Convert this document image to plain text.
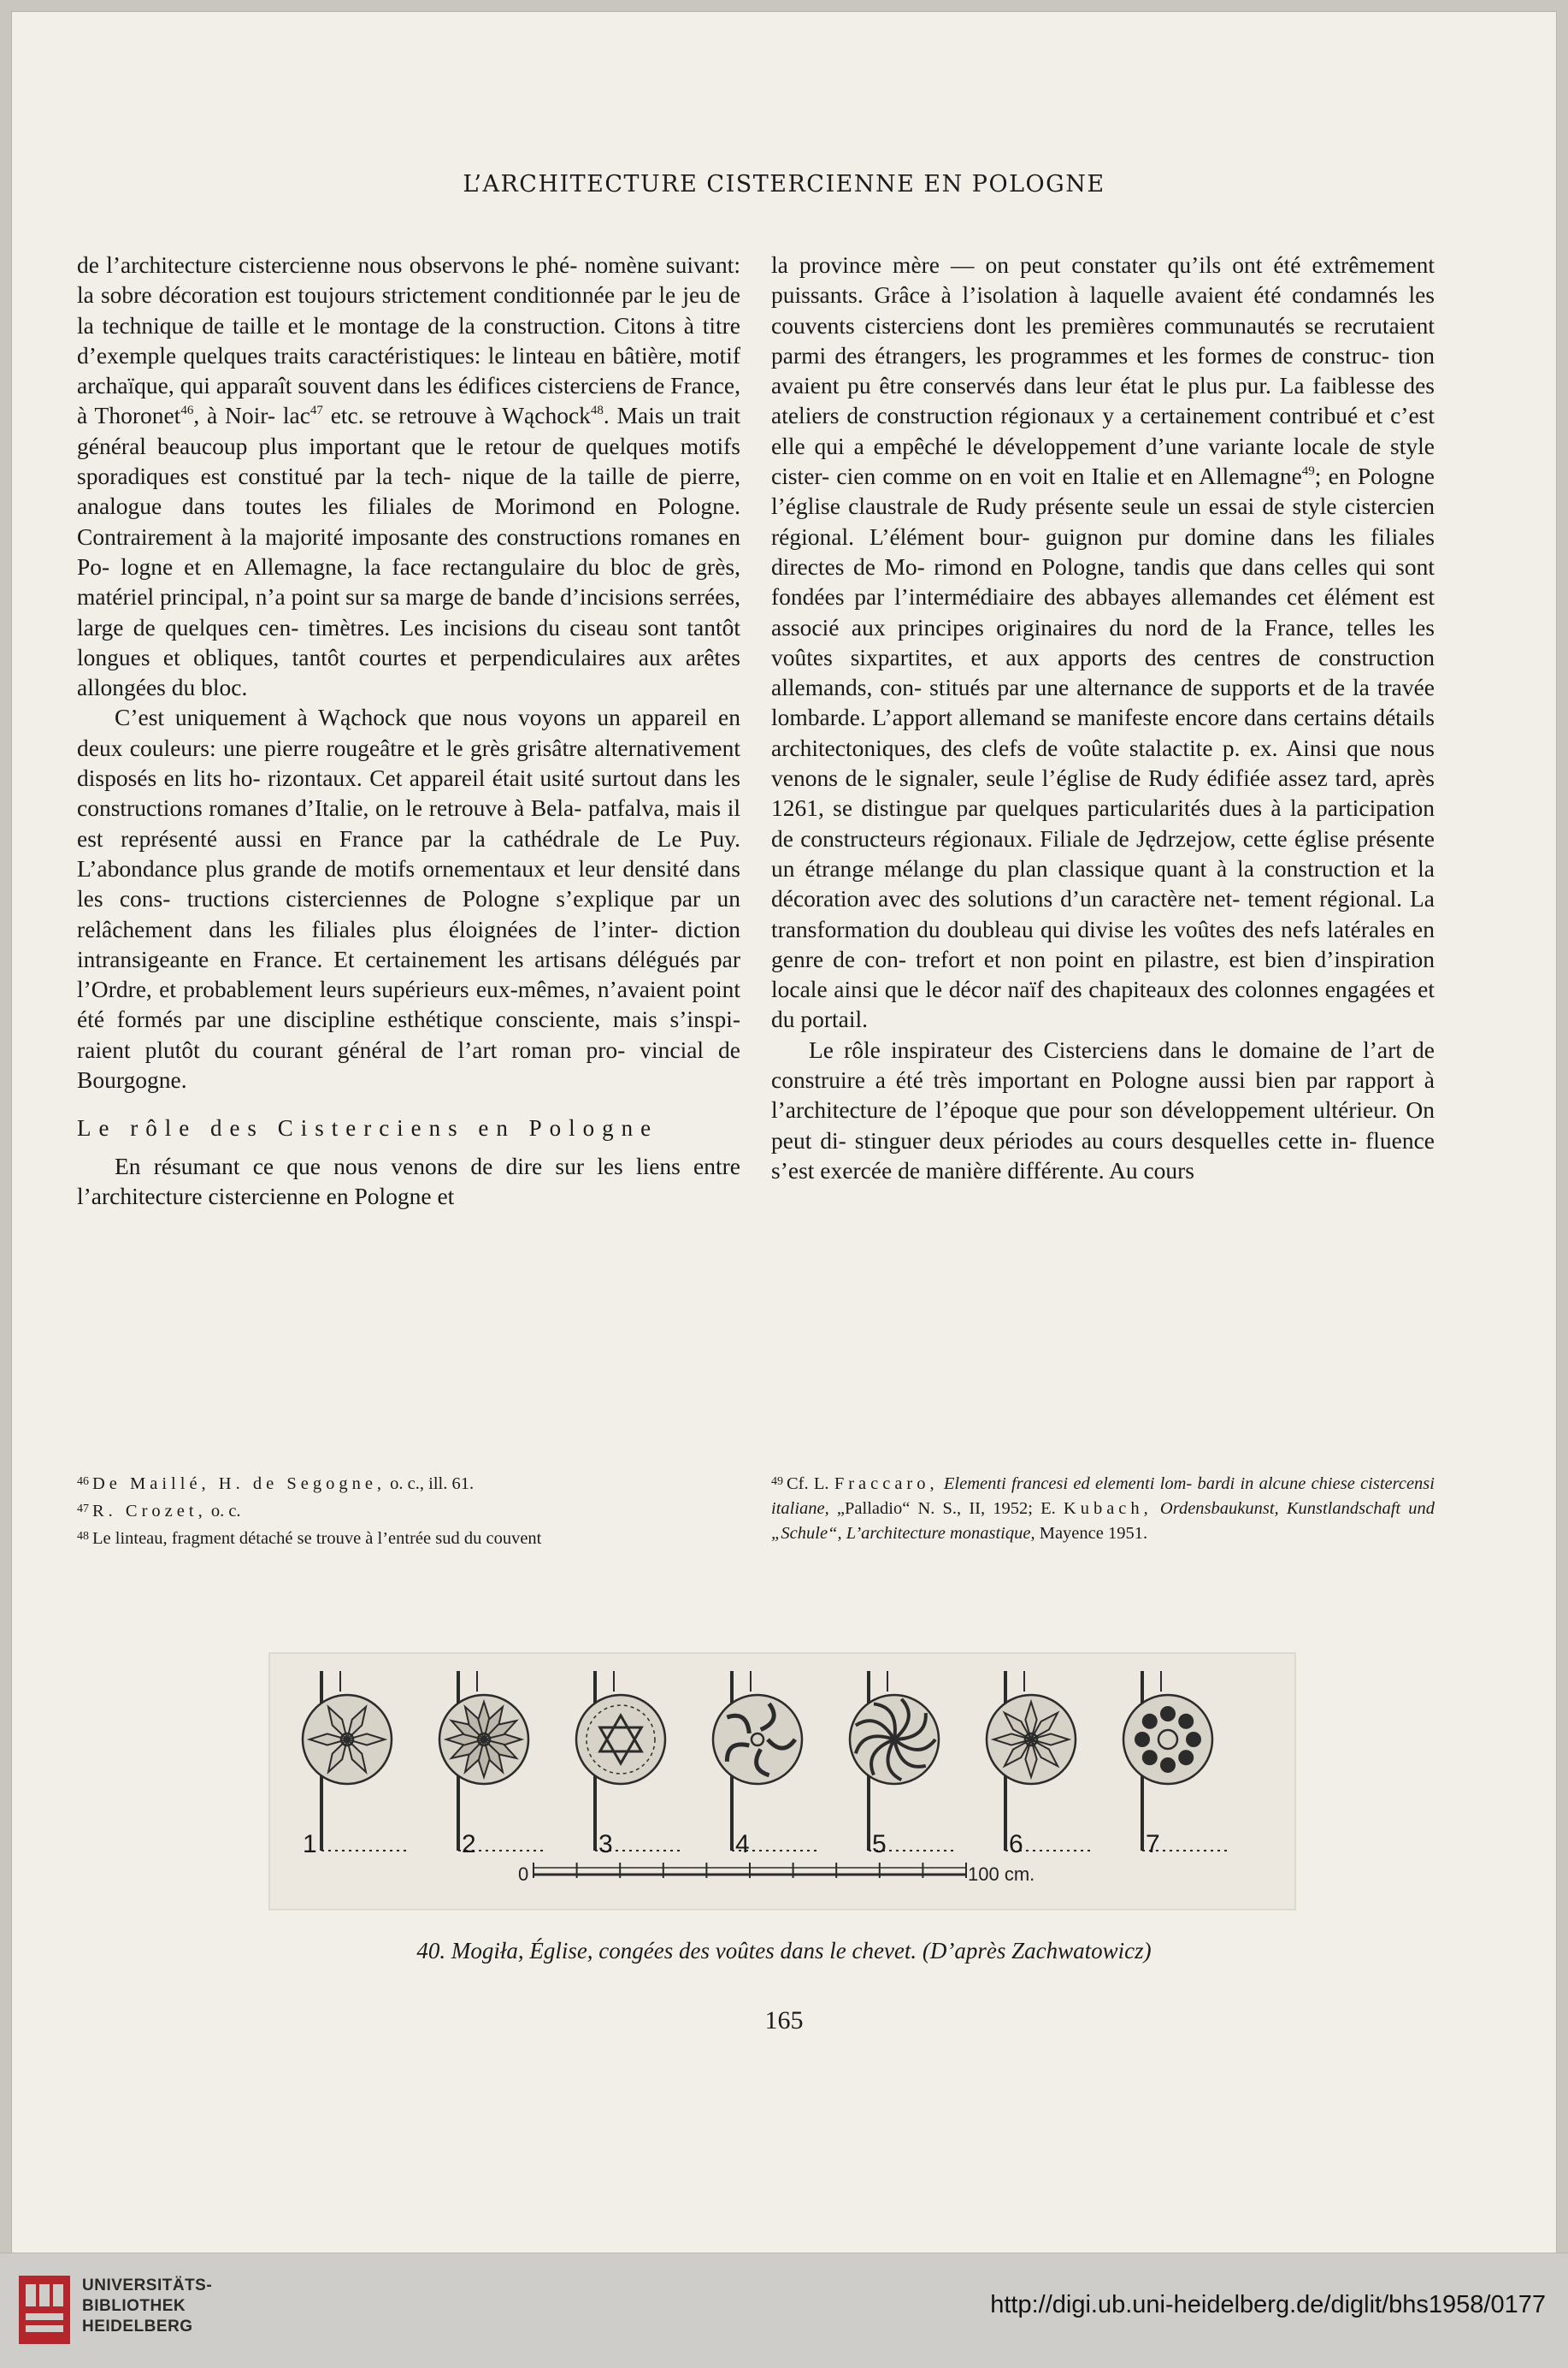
L’ARCHITECTURE CISTERCIENNE EN POLOGNE

de l’architecture cistercienne nous observons le phé- nomène suivant: la sobre décoration est toujours strictement conditionnée par le jeu de la technique de taille et le montage de la construction. Citons à titre d’exemple quelques traits caractéristiques: le linteau en bâtière, motif archaïque, qui apparaît souvent dans les édifices cisterciens de France, à Thoronet$^{46}$, à Noir- lac$^{47}$ etc. se retrouve à Wąchock$^{48}$. Mais un trait général beaucoup plus important que le retour de quelques motifs sporadiques est constitué par la tech- nique de la taille de pierre, analogue dans toutes les filiales de Morimond en Pologne. Contrairement à la majorité imposante des constructions romanes en Po- logne et en Allemagne, la face rectangulaire du bloc de grès, matériel principal, n’a point sur sa marge de bande d’incisions serrées, large de quelques cen- timètres. Les incisions du ciseau sont tantôt longues et obliques, tantôt courtes et perpendiculaires aux arêtes allongées du bloc.

C’est uniquement à Wąchock que nous voyons un appareil en deux couleurs: une pierre rougeâtre et le grès grisâtre alternativement disposés en lits ho- rizontaux. Cet appareil était usité surtout dans les constructions romanes d’Italie, on le retrouve à Bela- patfalva, mais il est représenté aussi en France par la cathédrale de Le Puy. L’abondance plus grande de motifs ornementaux et leur densité dans les cons- tructions cisterciennes de Pologne s’explique par un relâchement dans les filiales plus éloignées de l’inter- diction intransigeante en France. Et certainement les artisans délégués par l’Ordre, et probablement leurs supérieurs eux-mêmes, n’avaient point été formés par une discipline esthétique consciente, mais s’inspi- raient plutôt du courant général de l’art roman pro- vincial de Bourgogne.

Le rôle des Cisterciens en Pologne

En résumant ce que nous venons de dire sur les liens entre l’architecture cistercienne en Pologne et

la province mère — on peut constater qu’ils ont été extrêmement puissants. Grâce à l’isolation à laquelle avaient été condamnés les couvents cisterciens dont les premières communautés se recrutaient parmi des étrangers, les programmes et les formes de construc- tion avaient pu être conservés dans leur état le plus pur. La faiblesse des ateliers de construction régionaux y a certainement contribué et c’est elle qui a empêché le développement d’une variante locale de style cister- cien comme on en voit en Italie et en Allemagne$^{49}$; en Pologne l’église claustrale de Rudy présente seule un essai de style cistercien régional. L’élément bour- guignon pur domine dans les filiales directes de Mo- rimond en Pologne, tandis que dans celles qui sont fondées par l’intermédiaire des abbayes allemandes cet élément est associé aux principes originaires du nord de la France, telles les voûtes sixpartites, et aux apports des centres de construction allemands, con- stitués par une alternance de supports et de la travée lombarde. L’apport allemand se manifeste encore dans certains détails architectoniques, des clefs de voûte stalactite p. ex. Ainsi que nous venons de le signaler, seule l’église de Rudy édifiée assez tard, après 1261, se distingue par quelques particularités dues à la participation de constructeurs régionaux. Filiale de Jędrzejow, cette église présente un étrange mélange du plan classique quant à la construction et la décoration avec des solutions d’un caractère net- tement régional. La transformation du doubleau qui divise les voûtes des nefs latérales en genre de con- trefort et non point en pilastre, est bien d’inspiration locale ainsi que le décor naïf des chapiteaux des colonnes engagées et du portail.

Le rôle inspirateur des Cisterciens dans le domaine de l’art de construire a été très important en Pologne aussi bien par rapport à l’architecture de l’époque que pour son développement ultérieur. On peut di- stinguer deux périodes au cours desquelles cette in- fluence s’est exercée de manière différente. Au cours

$^{46}$ De Maillé, H. de Segogne, o. c., ill. 61.

$^{47}$ R. Crozet, o. c.

$^{48}$ Le linteau, fragment détaché se trouve à l’entrée sud du couvent

$^{49}$ Cf. L. Fraccaro, Elementi francesi ed elementi lom- bardi in alcune chiese cistercensi italiane, „Palladio“ N. S., II, 1952; E. Kubach, Ordensbaukunst, Kunstlandschaft und „Schule“, L’architecture monastique, Mayence 1951.

1	2	3	4	5	6	7
0	100 cm.
40. Mogiła, Église, congées des voûtes dans le chevet. (D’après Zachwatowicz)
165
UNIVERSITÄTS-
BIBLIOTHEK
HEIDELBERG
http://digi.ub.uni-heidelberg.de/diglit/bhs1958/0177
